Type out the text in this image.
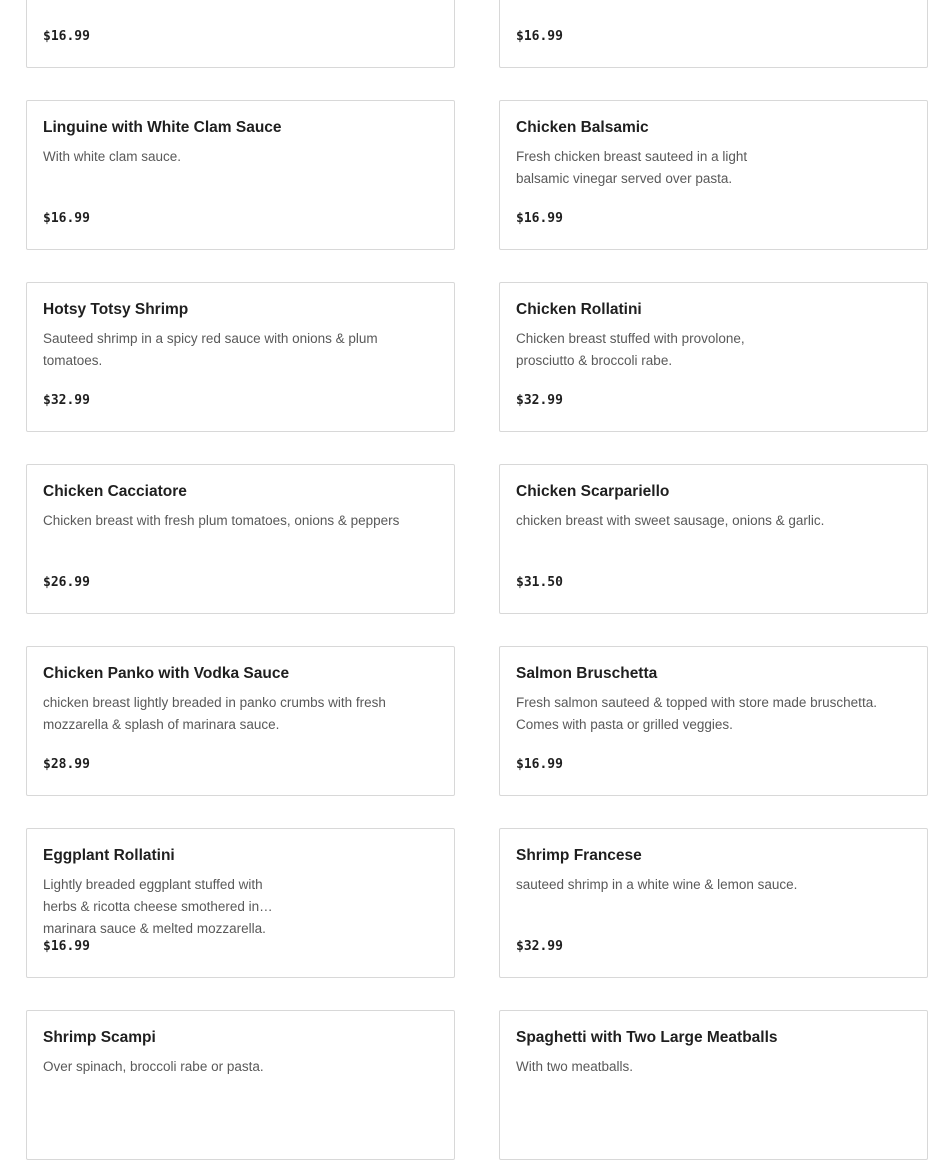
$16.99	$16.99
Linguine with White Clam Sauce
With white clam sauce.
$16.99
Chicken Balsamic
Fresh chicken breast sauteed in a light balsamic vinegar served over pasta.
$16.99
Hotsy Totsy Shrimp
Sauteed shrimp in a spicy red sauce with onions & plum tomatoes.
$32.99
Chicken Rollatini
Chicken breast stuffed with provolone, prosciutto & broccoli rabe.
$32.99
Chicken Cacciatore
Chicken breast with fresh plum tomatoes, onions & peppers
$26.99
Chicken Scarpariello
chicken breast with sweet sausage, onions & garlic.
$31.50
Chicken Panko with Vodka Sauce
chicken breast lightly breaded in panko crumbs with fresh mozzarella & splash of marinara sauce.
$28.99
Salmon Bruschetta
Fresh salmon sauteed & topped with store made bruschetta. Comes with pasta or grilled veggies.
$16.99
Eggplant Rollatini
Lightly breaded eggplant stuffed with herbs & ricotta cheese smothered in marinara sauce & melted mozzarella.
$16.99
Shrimp Francese
sauteed shrimp in a white wine & lemon sauce.
$32.99
Shrimp Scampi
Over spinach, broccoli rabe or pasta.
Spaghetti with Two Large Meatballs
With two meatballs.
